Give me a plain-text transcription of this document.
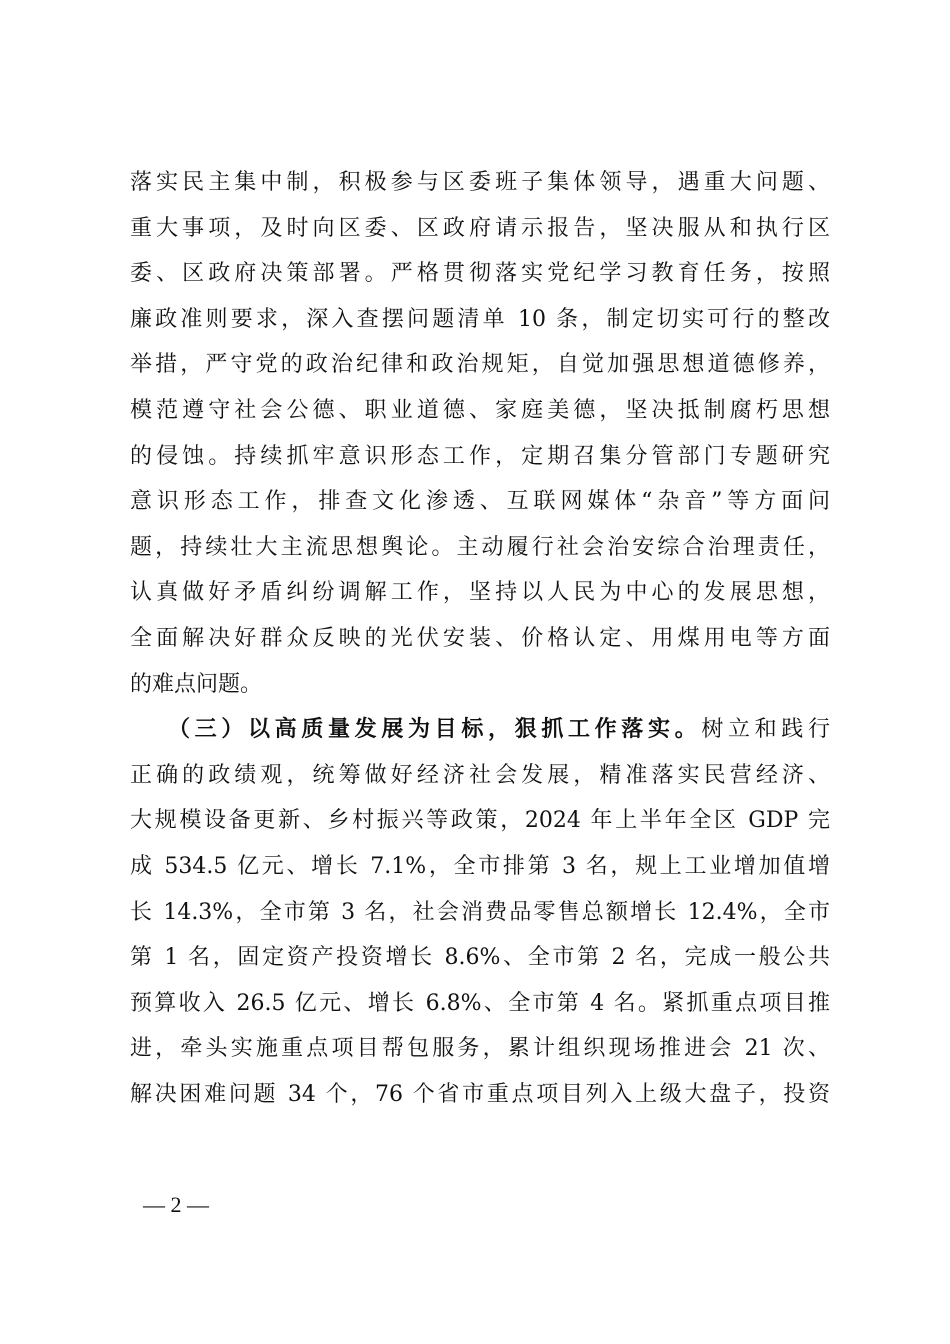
落实民主集中制，积极参与区委班子集体领导，遇重大问题、
重大事项，及时向区委、区政府请示报告，坚决服从和执行区
委、区政府决策部署。严格贯彻落实党纪学习教育任务，按照
廉政准则要求，深入查摆问题清单 10 条，制定切实可行的整改
举措，严守党的政治纪律和政治规矩，自觉加强思想道德修养，
模范遵守社会公德、职业道德、家庭美德，坚决抵制腐朽思想
的侵蚀。持续抓牢意识形态工作，定期召集分管部门专题研究
意识形态工作，排查文化渗透、互联网媒体“杂音”等方面问
题，持续壮大主流思想舆论。主动履行社会治安综合治理责任，
认真做好矛盾纠纷调解工作，坚持以人民为中心的发展思想，
全面解决好群众反映的光伏安装、价格认定、用煤用电等方面
的难点问题。
（三）以高质量发展为目标，狠抓工作落实。树立和践行
正确的政绩观，统筹做好经济社会发展，精准落实民营经济、
大规模设备更新、乡村振兴等政策，2024 年上半年全区 GDP 完
成 534.5 亿元、增长 7.1%，全市排第 3 名，规上工业增加值增
长 14.3%，全市第 3 名，社会消费品零售总额增长 12.4%，全市
第 1 名，固定资产投资增长 8.6%、全市第 2 名，完成一般公共
预算收入 26.5 亿元、增长 6.8%、全市第 4 名。紧抓重点项目推
进，牵头实施重点项目帮包服务，累计组织现场推进会 21 次、
解决困难问题 34 个，76 个省市重点项目列入上级大盘子，投资
— 2 —
